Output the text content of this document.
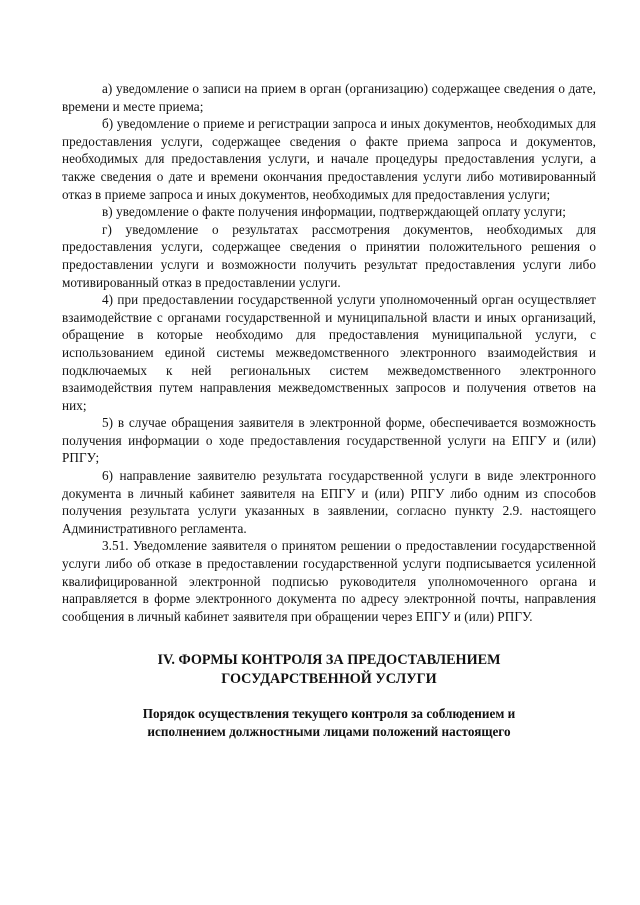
а) уведомление о записи на прием в орган (организацию) содержащее сведения о дате, времени и месте приема;

б) уведомление о приеме и регистрации запроса и иных документов, необходимых для предоставления услуги, содержащее сведения о факте приема запроса и документов, необходимых для предоставления услуги, и начале процедуры предоставления услуги, а также сведения о дате и времени окончания предоставления услуги либо мотивированный отказ в приеме запроса и иных документов, необходимых для предоставления услуги;

в) уведомление о факте получения информации, подтверждающей оплату услуги;

г) уведомление о результатах рассмотрения документов, необходимых для предоставления услуги, содержащее сведения о принятии положительного решения о предоставлении услуги и возможности получить результат предоставления услуги либо мотивированный отказ в предоставлении услуги.

4) при предоставлении государственной услуги уполномоченный орган осуществляет взаимодействие с органами государственной и муниципальной власти и иных организаций, обращение в которые необходимо для предоставления муниципальной услуги, с использованием единой системы межведомственного электронного взаимодействия и подключаемых к ней региональных систем межведомственного электронного взаимодействия путем направления межведомственных запросов и получения ответов на них;

5) в случае обращения заявителя в электронной форме, обеспечивается возможность получения информации о ходе предоставления государственной услуги на ЕПГУ и (или) РПГУ;

6) направление заявителю результата государственной услуги в виде электронного документа в личный кабинет заявителя на ЕПГУ и (или) РПГУ либо одним из способов получения результата услуги указанных в заявлении, согласно пункту 2.9. настоящего Административного регламента.

3.51. Уведомление заявителя о принятом решении о предоставлении государственной услуги либо об отказе в предоставлении государственной услуги подписывается усиленной квалифицированной электронной подписью руководителя уполномоченного органа и направляется в форме электронного документа по адресу электронной почты, направления сообщения в личный кабинет заявителя при обращении через ЕПГУ и (или) РПГУ.

IV. ФОРМЫ КОНТРОЛЯ ЗА ПРЕДОСТАВЛЕНИЕМ
ГОСУДАРСТВЕННОЙ УСЛУГИ
Порядок осуществления текущего контроля за соблюдением и
исполнением должностными лицами положений настоящего
